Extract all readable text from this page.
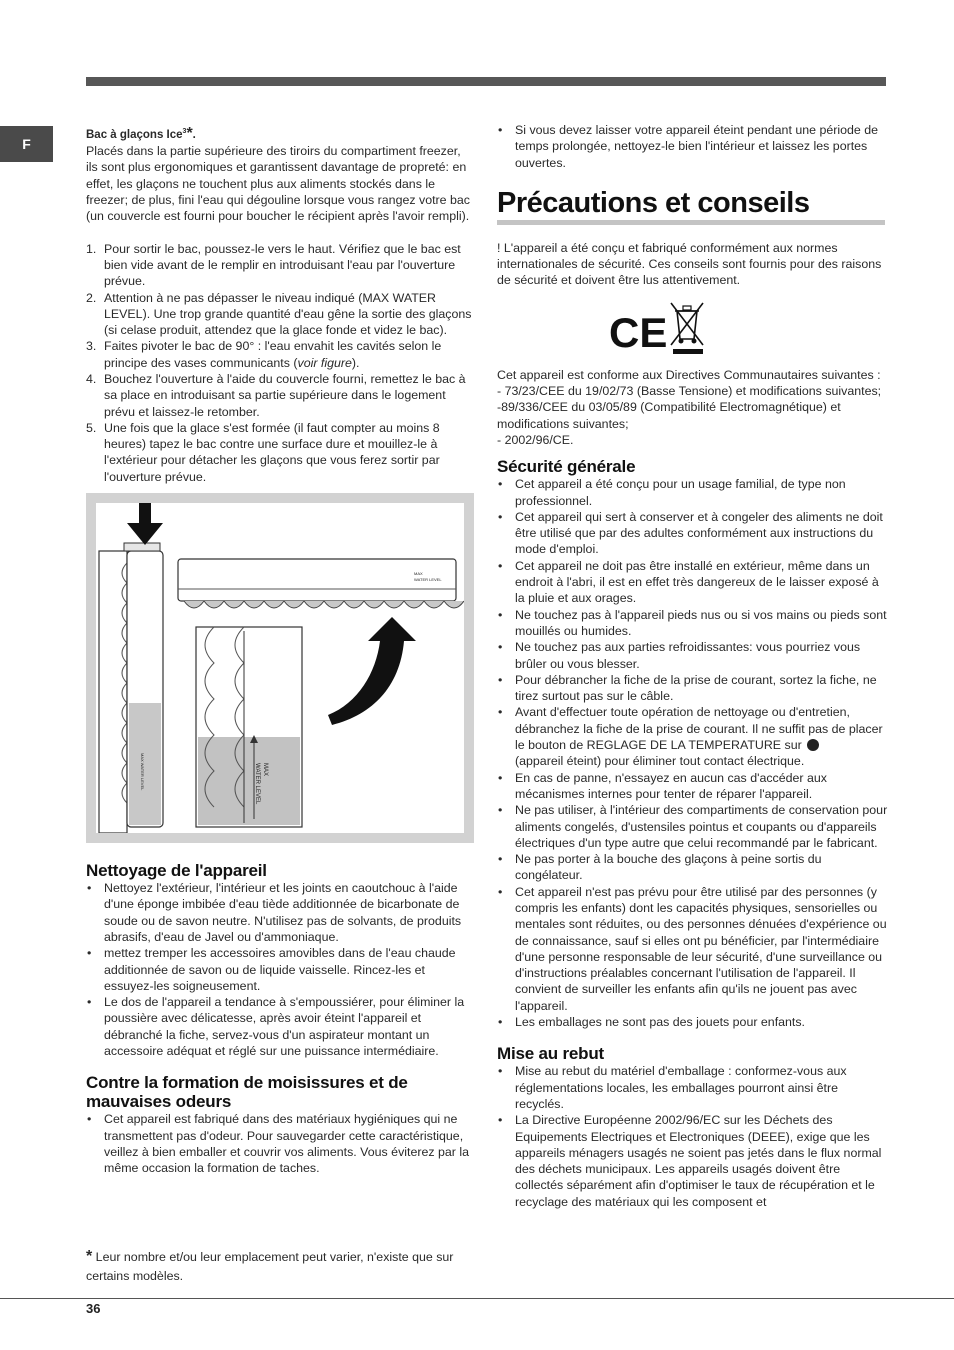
F

Bac à glaçons Ice$^3$*.

Placés dans la partie supérieure des tiroirs du compartiment freezer, ils sont plus ergonomiques et garantissent davantage de propreté: en effet, les glaçons ne touchent plus aux aliments stockés dans le freezer; de plus, fini l'eau qui dégouline lorsque vous rangez votre bac (un couvercle est fourni pour boucher le récipient après l'avoir rempli).

1. Pour sortir le bac, poussez-le vers le haut. Vérifiez que le bac est bien vide avant de le remplir en introduisant l'eau par l'ouverture prévue.
2. Attention à ne pas dépasser le niveau indiqué (MAX WATER LEVEL). Une trop grande quantité d'eau gêne la sortie des glaçons (si celase produit, attendez que la glace fonde et videz le bac).
3. Faites pivoter le bac de 90° : l'eau envahit les cavités selon le principe des vases communicants (voir figure).
4. Bouchez l'ouverture à l'aide du couvercle fourni, remettez le bac à sa place en introduisant sa partie supérieure dans le logement prévu et laissez-le retomber.
5. Une fois que la glace s'est formée (il faut compter au moins 8 heures) tapez le bac contre une surface dure et mouillez-le à l'extérieur pour détacher les glaçons que vous ferez sortir par l'ouverture prévue.
MAX WATER LEVEL
MAX
WATER LEVEL
MAX
WATER LEVEL
Nettoyage de l'appareil
• Nettoyez l'extérieur, l'intérieur et les joints en caoutchouc à l'aide d'une éponge imbibée d'eau tiède additionnée de bicarbonate de soude ou de savon neutre. N'utilisez pas de solvants, de produits abrasifs, d'eau de Javel ou d'ammoniaque.
• mettez tremper les accessoires amovibles dans de l'eau chaude additionnée de savon ou de liquide vaisselle. Rincez-les et essuyez-les soigneusement.
• Le dos de l'appareil a tendance à s'empoussiérer, pour éliminer la poussière avec délicatesse, après avoir éteint l'appareil et débranché la fiche, servez-vous d'un aspirateur montant un accessoire adéquat et réglé sur une puissance intermédiaire.
Contre la formation de moisissures et de mauvaises odeurs
• Cet appareil est fabriqué dans des matériaux hygiéniques qui ne transmettent pas d'odeur. Pour sauvegarder cette caractéristique, veillez à bien emballer et couvrir vos aliments. Vous éviterez par la même occasion la formation de taches.
* Leur nombre et/ou leur emplacement peut varier, n'existe que sur certains modèles.
• Si vous devez laisser votre appareil éteint pendant une période de temps prolongée, nettoyez-le bien l'intérieur et laissez les portes ouvertes.
Précautions et conseils

! L'appareil a été conçu et fabriqué conformément aux normes internationales de sécurité. Ces conseils sont fournis pour des raisons de sécurité et doivent être lus attentivement.

CE

Cet appareil est conforme aux Directives Communautaires suivantes :

- 73/23/CEE du 19/02/73 (Basse Tensione) et modifications suivantes;

-89/336/CEE du 03/05/89 (Compatibilité Electromagnétique) et modifications suivantes;

- 2002/96/CE.

Sécurité générale
• Cet appareil a été conçu pour un usage familial, de type non professionnel.
• Cet appareil qui sert à conserver et à congeler des aliments ne doit être utilisé que par des adultes conformément aux instructions du mode d'emploi.
• Cet appareil ne doit pas être installé en extérieur, même dans un endroit à l'abri, il est en effet très dangereux de le laisser exposé à la pluie et aux orages.
• Ne touchez pas à l'appareil pieds nus ou si vos mains ou pieds sont mouillés ou humides.
• Ne touchez pas aux parties refroidissantes: vous pourriez vous brûler ou vous blesser.
• Pour débrancher la fiche de la prise de courant, sortez la fiche, ne tirez surtout pas sur le câble.
• Avant d'effectuer toute opération de nettoyage ou d'entretien, débranchez la fiche de la prise de courant. Il ne suffit pas de placer le bouton de REGLAGE DE LA TEMPERATURE sur
(appareil éteint) pour éliminer tout contact électrique.
• En cas de panne, n'essayez en aucun cas d'accéder aux mécanismes internes pour tenter de réparer l'appareil.
• Ne pas utiliser, à l'intérieur des compartiments de conservation pour aliments congelés, d'ustensiles pointus et coupants ou d'appareils électriques d'un type autre que celui recommandé par le fabricant.
• Ne pas porter à la bouche des glaçons à peine sortis du congélateur.
• Cet appareil n'est pas prévu pour être utilisé par des personnes (y compris les enfants) dont les capacités physiques, sensorielles ou mentales sont réduites, ou des personnes dénuées d'expérience ou de connaissance, sauf si elles ont pu bénéficier, par l'intermédiaire d'une personne responsable de leur sécurité, d'une surveillance ou d'instructions préalables concernant l'utilisation de l'appareil. Il convient de surveiller les enfants afin qu'ils ne jouent pas avec l'appareil.
• Les emballages ne sont pas des jouets pour enfants.
Mise au rebut
• Mise au rebut du matériel d'emballage : conformez-vous aux réglementations locales, les emballages pourront ainsi être recyclés.
• La Directive Européenne 2002/96/EC sur les Déchets des Equipements Electriques et Electroniques (DEEE), exige que les appareils ménagers usagés ne soient pas jetés dans le flux normal des déchets municipaux. Les appareils usagés doivent être collectés séparément afin d'optimiser le taux de récupération et le recyclage des matériaux qui les composent et
36
